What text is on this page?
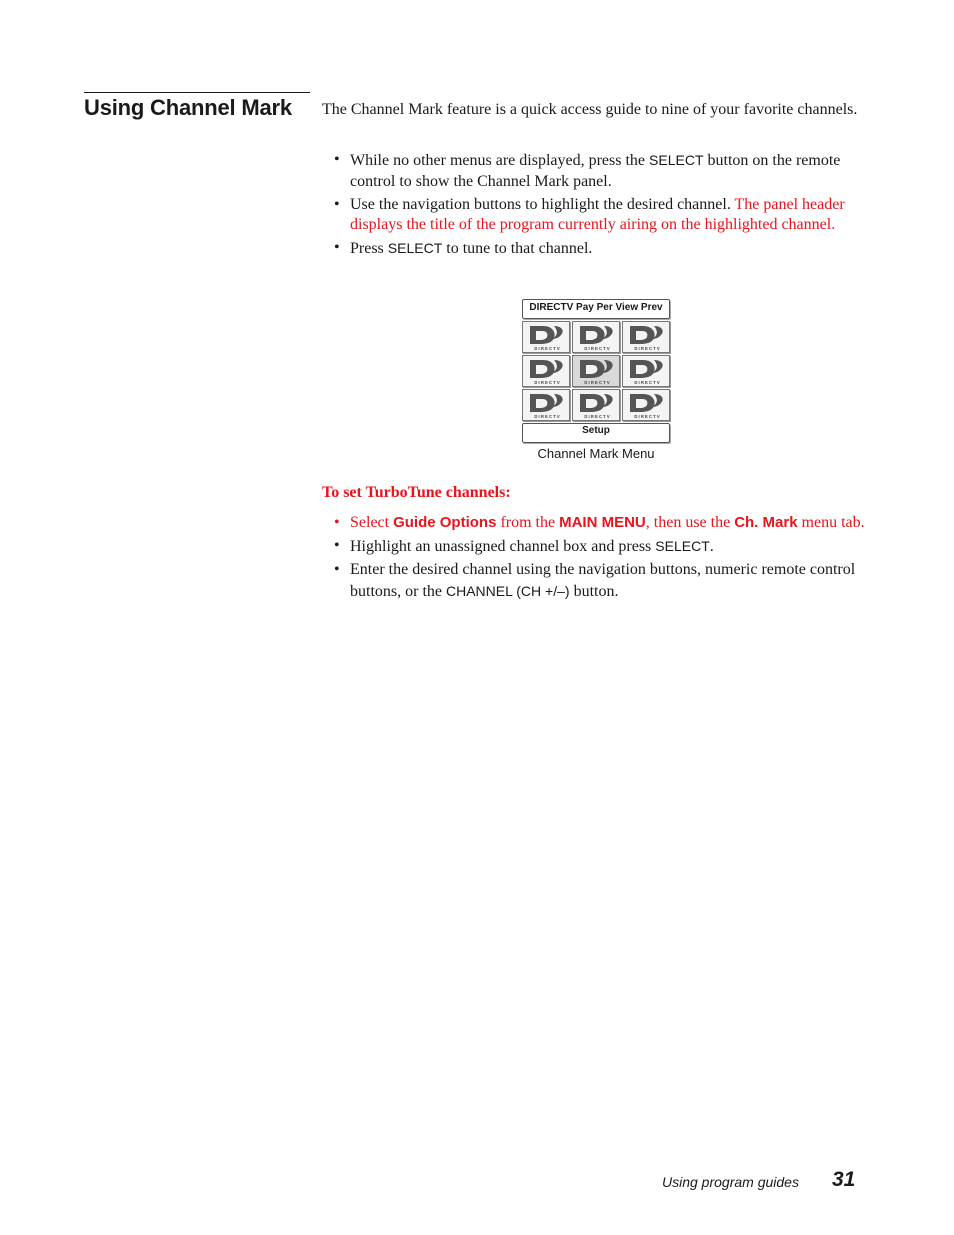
Using Channel Mark The Channel Mark feature is a quick access guide to nine of your favorite channels.

• While no other menus are displayed, press the SELECT button on the remote control to show the Channel Mark panel.
• Use the navigation buttons to highlight the desired channel. The panel header displays the title of the program currently airing on the highlighted channel.
• Press SELECT to tune to that channel.
DIRECTV Pay Per View Prev
D I R E C T V	D I R E C T V	D I R E C T V
D I R E C T V	D I R E C T V	D I R E C T V
D I R E C T V	D I R E C T V	D I R E C T V
Setup
Channel Mark Menu

To set TurboTune channels:

• Select Guide Options from the MAIN MENU, then use the Ch. Mark menu tab.
• Highlight an unassigned channel box and press SELECT.
• Enter the desired channel using the navigation buttons, numeric remote control buttons, or the CHANNEL (CH +/–) button.
Using program guides 31
